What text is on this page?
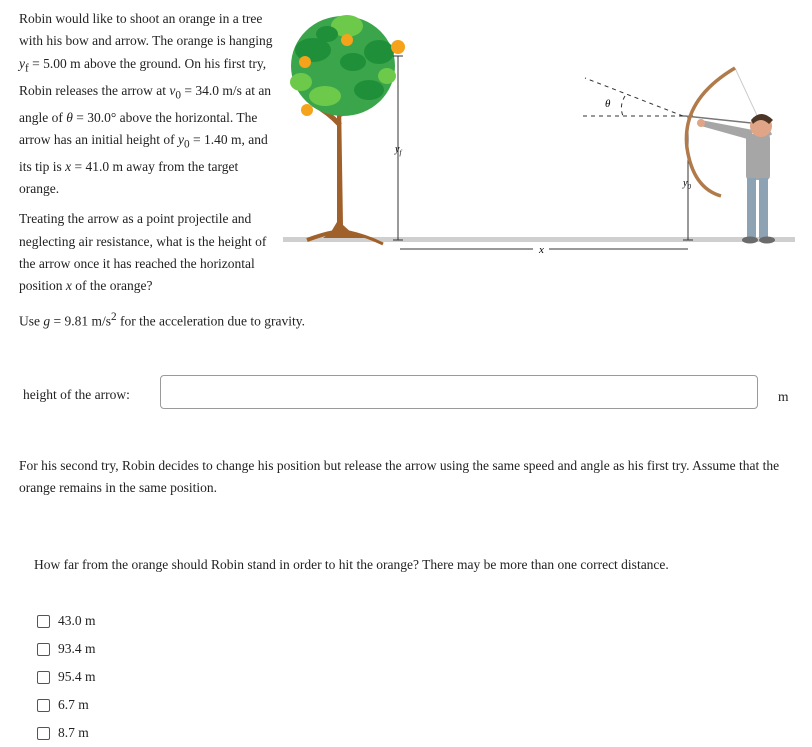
Robin would like to shoot an orange in a tree with his bow and arrow. The orange is hanging $y_f = 5.00$ m above the ground. On his first try, Robin releases the arrow at $v_0 = 34.0$ m/s at an angle of θ = 30.0° above the horizontal. The arrow has an initial height of $y_0 = 1.40$ m, and its tip is x = 41.0 m away from the target orange.

Treating the arrow as a point projectile and neglecting air resistance, what is the height of the arrow once it has reached the horizontal position x of the orange?

Use g = 9.81 $m/s^2$ for the acceleration due to gravity.

$y_f$
x
$y_0$
θ
height of the arrow:	m
For his second try, Robin decides to change his position but release the arrow using the same speed and angle as his first try. Assume that the orange remains in the same position.
How far from the orange should Robin stand in order to hit the orange? There may be more than one correct distance.
43.0 m
93.4 m
95.4 m
6.7 m
8.7 m
